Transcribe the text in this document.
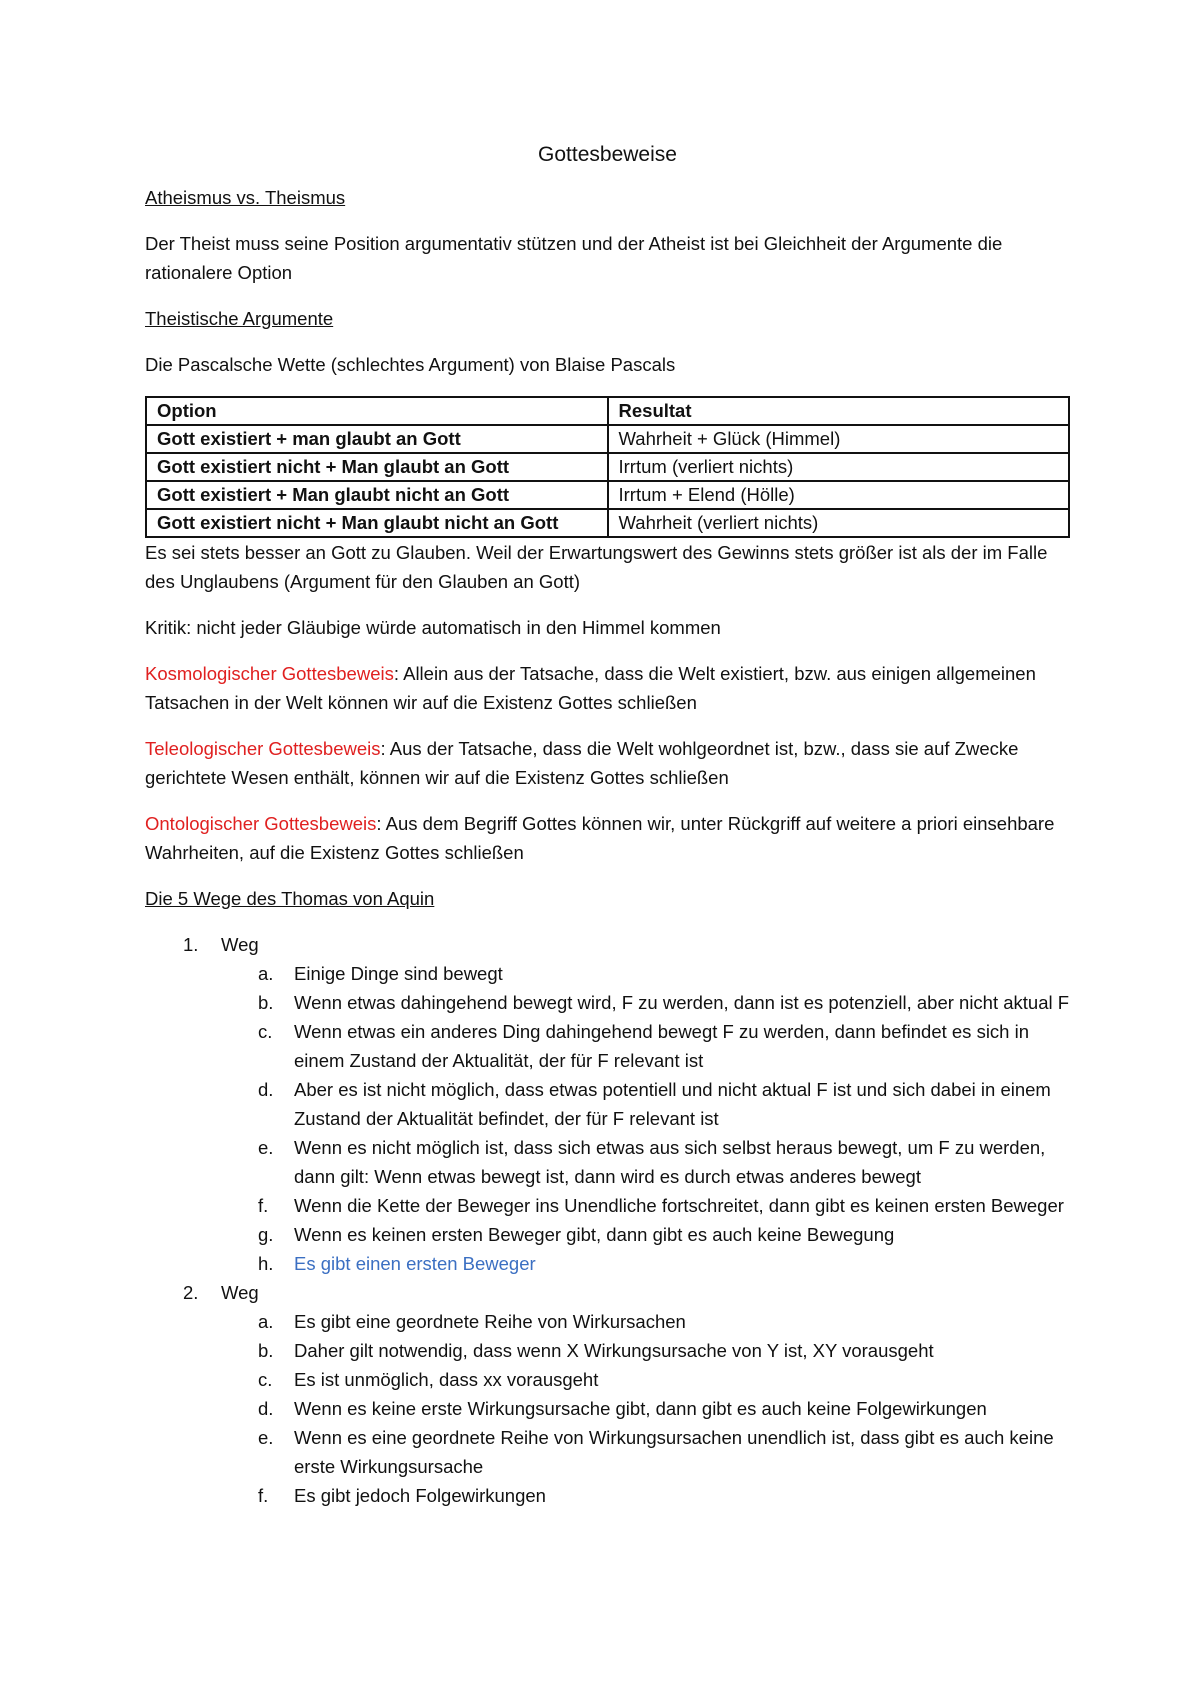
Gottesbeweise

Atheismus vs. Theismus

Der Theist muss seine Position argumentativ stützen und der Atheist ist bei Gleichheit der Argumente die rationalere Option

Theistische Argumente

Die Pascalsche Wette (schlechtes Argument) von Blaise Pascals

Option	Resultat
Gott existiert + man glaubt an Gott	Wahrheit + Glück (Himmel)
Gott existiert nicht + Man glaubt an Gott	Irrtum (verliert nichts)
Gott existiert + Man glaubt nicht an Gott	Irrtum + Elend (Hölle)
Gott existiert nicht + Man glaubt nicht an Gott	Wahrheit (verliert nichts)

Es sei stets besser an Gott zu Glauben. Weil der Erwartungswert des Gewinns stets größer ist als der im Falle des Unglaubens (Argument für den Glauben an Gott)

Kritik: nicht jeder Gläubige würde automatisch in den Himmel kommen

Kosmologischer Gottesbeweis: Allein aus der Tatsache, dass die Welt existiert, bzw. aus einigen allgemeinen Tatsachen in der Welt können wir auf die Existenz Gottes schließen

Teleologischer Gottesbeweis: Aus der Tatsache, dass die Welt wohlgeordnet ist, bzw., dass sie auf Zwecke gerichtete Wesen enthält, können wir auf die Existenz Gottes schließen

Ontologischer Gottesbeweis: Aus dem Begriff Gottes können wir, unter Rückgriff auf weitere a priori einsehbare Wahrheiten, auf die Existenz Gottes schließen

Die 5 Wege des Thomas von Aquin

1. Weg
a. Einige Dinge sind bewegt
b. Wenn etwas dahingehend bewegt wird, F zu werden, dann ist es potenziell, aber nicht aktual F
c. Wenn etwas ein anderes Ding dahingehend bewegt F zu werden, dann befindet es sich in einem Zustand der Aktualität, der für F relevant ist
d. Aber es ist nicht möglich, dass etwas potentiell und nicht aktual F ist und sich dabei in einem Zustand der Aktualität befindet, der für F relevant ist
e. Wenn es nicht möglich ist, dass sich etwas aus sich selbst heraus bewegt, um F zu werden, dann gilt: Wenn etwas bewegt ist, dann wird es durch etwas anderes bewegt
f. Wenn die Kette der Beweger ins Unendliche fortschreitet, dann gibt es keinen ersten Beweger
g. Wenn es keinen ersten Beweger gibt, dann gibt es auch keine Bewegung
h. Es gibt einen ersten Beweger
2. Weg
a. Es gibt eine geordnete Reihe von Wirkursachen
b. Daher gilt notwendig, dass wenn X Wirkungsursache von Y ist, XY vorausgeht
c. Es ist unmöglich, dass xx vorausgeht
d. Wenn es keine erste Wirkungsursache gibt, dann gibt es auch keine Folgewirkungen
e. Wenn es eine geordnete Reihe von Wirkungsursachen unendlich ist, dass gibt es auch keine erste Wirkungsursache
f. Es gibt jedoch Folgewirkungen
